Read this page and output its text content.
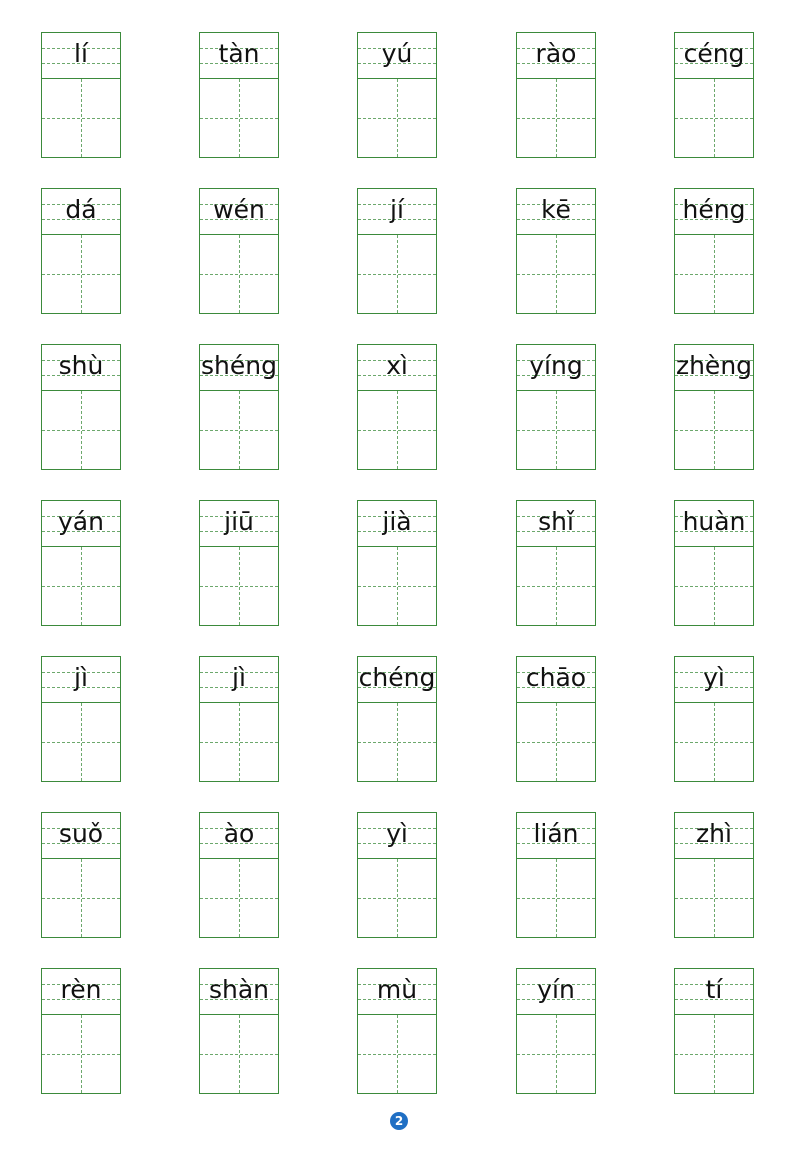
lí	tàn	yú	rào	céng
dá	wén	jí	kē	héng
shù	shéng	xì	yíng	zhèng
yán	jiū	jià	shǐ	huàn
jì	jì	chéng	chāo	yì
suǒ	ào	yì	lián	zhì
rèn	shàn	mù	yín	tí
2
